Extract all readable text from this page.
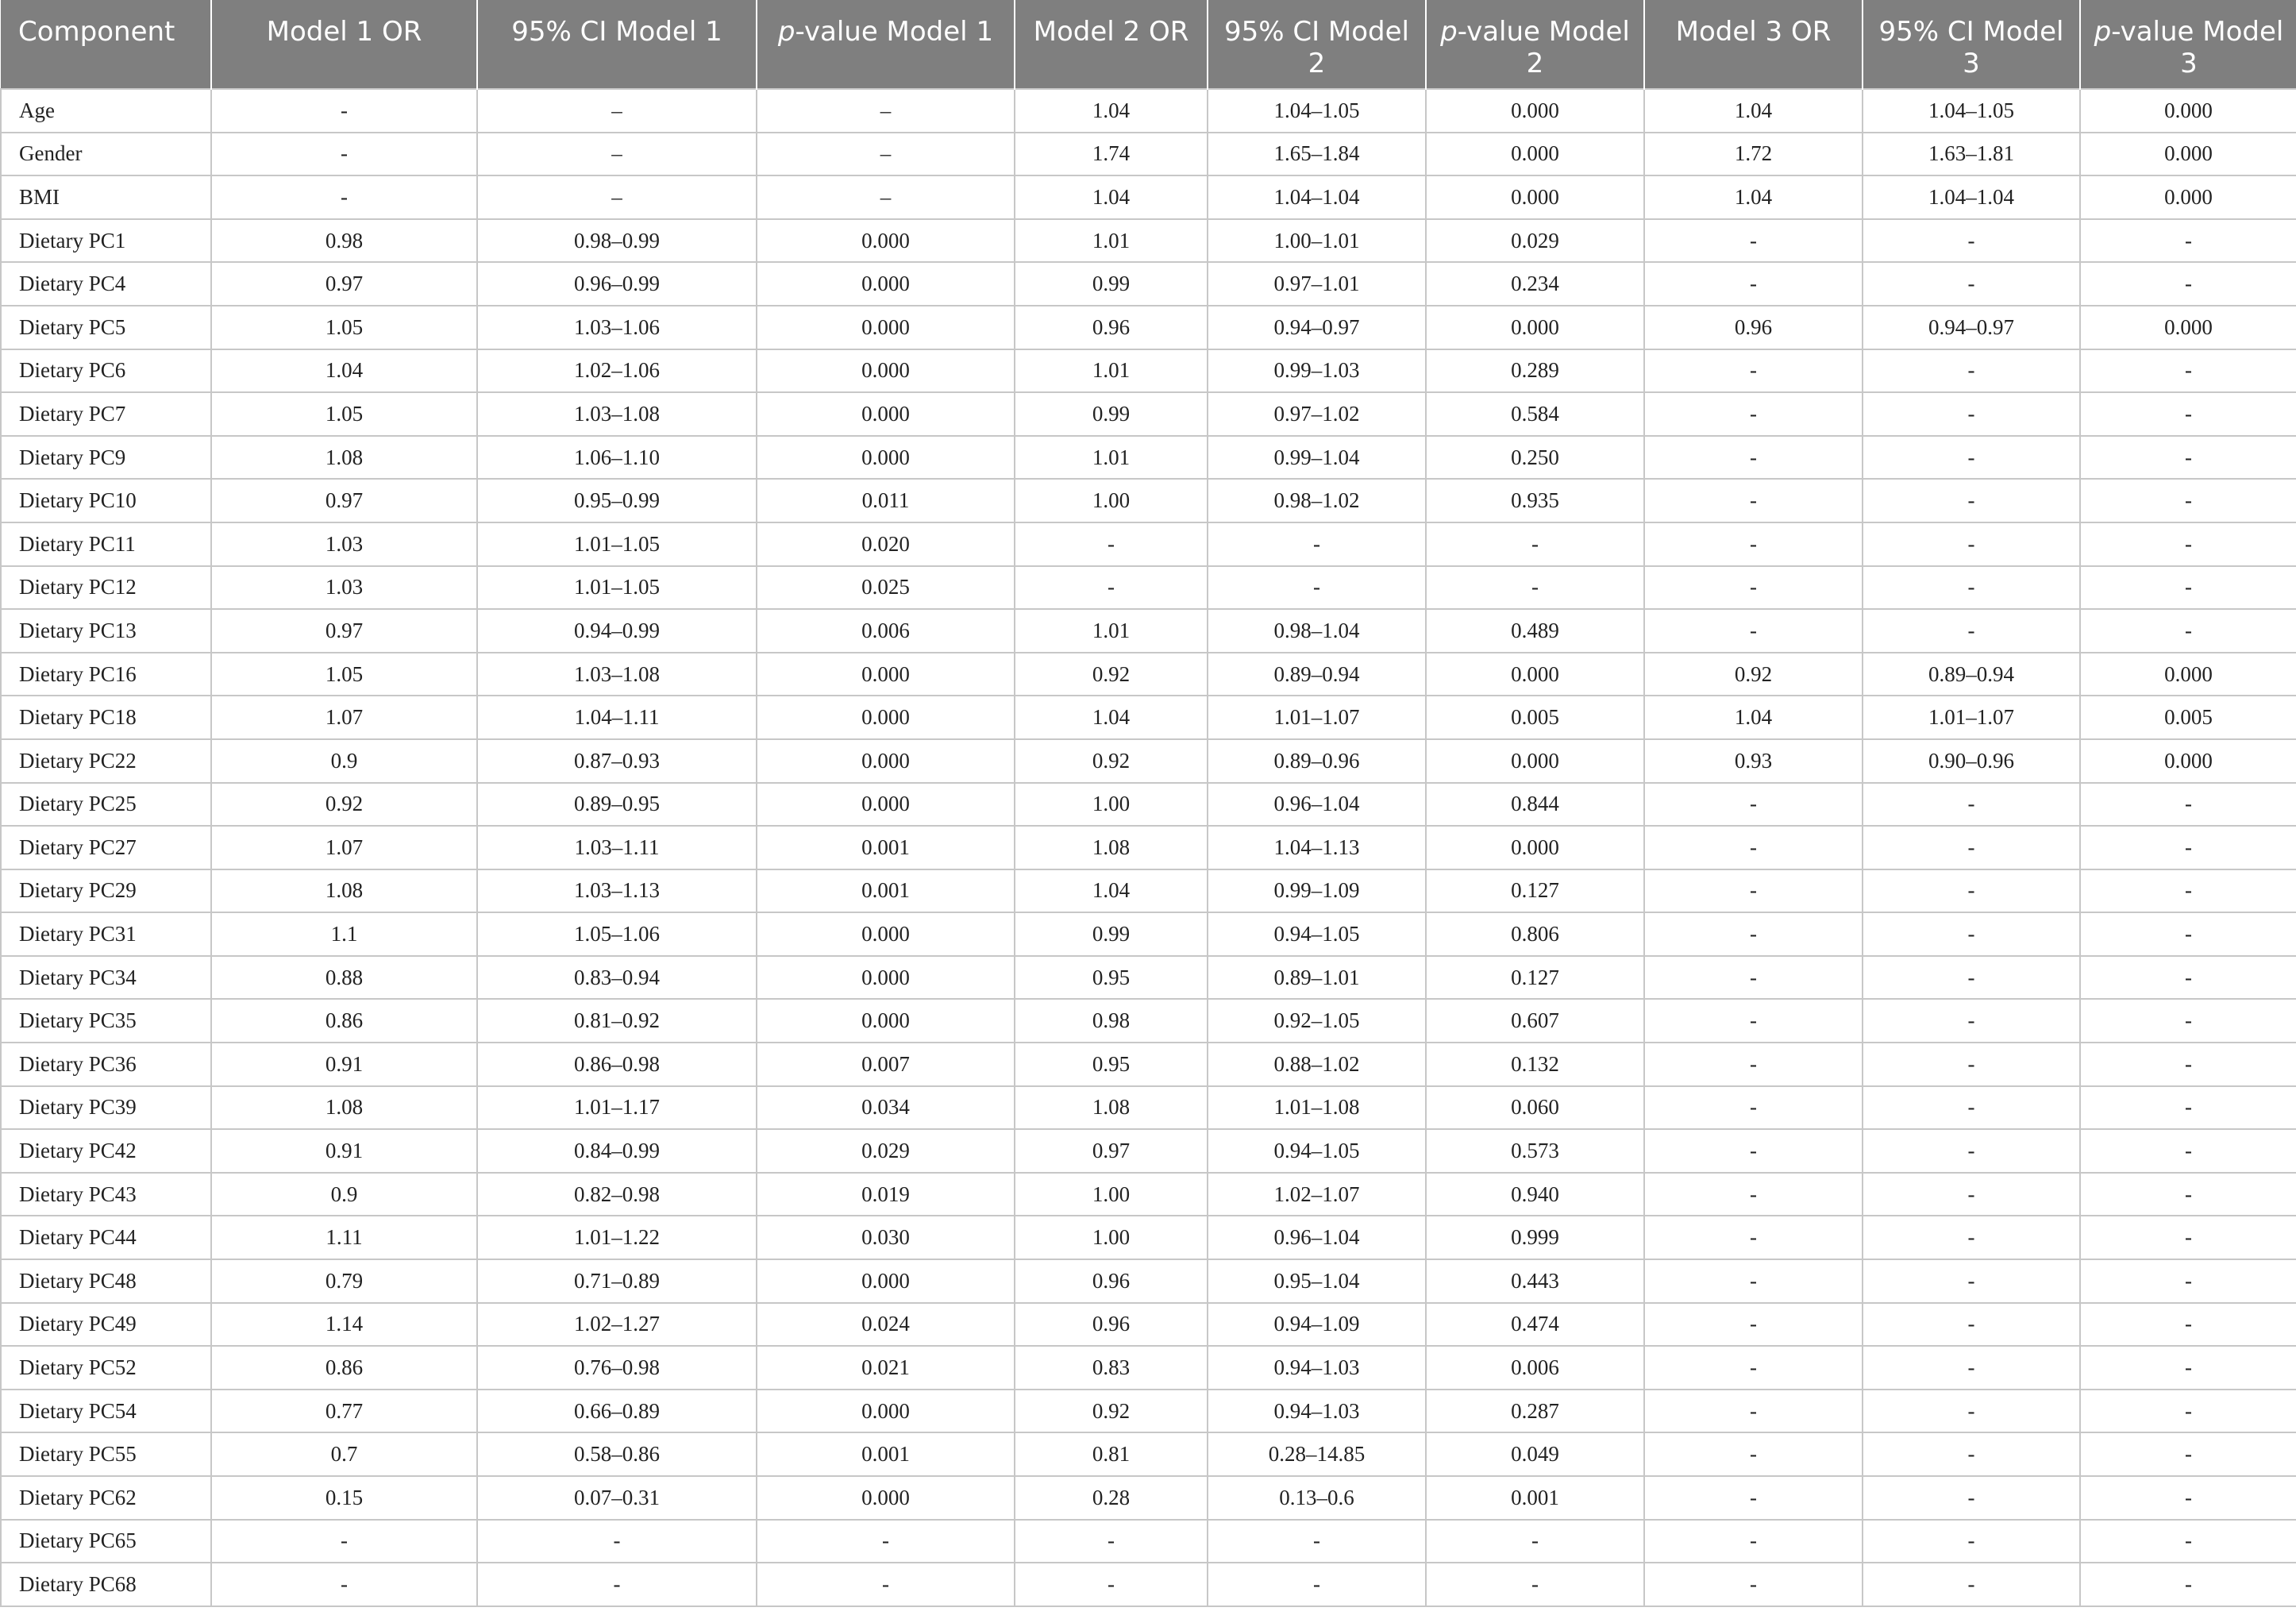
Component	Model 1 OR	95% CI Model 1	p-value Model 1	Model 2 OR	95% CI Model 2	p-value Model 2	Model 3 OR	95% CI Model 3	p-value Model 3
Age	-	–	–	1.04	1.04–1.05	0.000	1.04	1.04–1.05	0.000
Gender	-	–	–	1.74	1.65–1.84	0.000	1.72	1.63–1.81	0.000
BMI	-	–	–	1.04	1.04–1.04	0.000	1.04	1.04–1.04	0.000
Dietary PC1	0.98	0.98–0.99	0.000	1.01	1.00–1.01	0.029	-	-	-
Dietary PC4	0.97	0.96–0.99	0.000	0.99	0.97–1.01	0.234	-	-	-
Dietary PC5	1.05	1.03–1.06	0.000	0.96	0.94–0.97	0.000	0.96	0.94–0.97	0.000
Dietary PC6	1.04	1.02–1.06	0.000	1.01	0.99–1.03	0.289	-	-	-
Dietary PC7	1.05	1.03–1.08	0.000	0.99	0.97–1.02	0.584	-	-	-
Dietary PC9	1.08	1.06–1.10	0.000	1.01	0.99–1.04	0.250	-	-	-
Dietary PC10	0.97	0.95–0.99	0.011	1.00	0.98–1.02	0.935	-	-	-
Dietary PC11	1.03	1.01–1.05	0.020	-	-	-	-	-	-
Dietary PC12	1.03	1.01–1.05	0.025	-	-	-	-	-	-
Dietary PC13	0.97	0.94–0.99	0.006	1.01	0.98–1.04	0.489	-	-	-
Dietary PC16	1.05	1.03–1.08	0.000	0.92	0.89–0.94	0.000	0.92	0.89–0.94	0.000
Dietary PC18	1.07	1.04–1.11	0.000	1.04	1.01–1.07	0.005	1.04	1.01–1.07	0.005
Dietary PC22	0.9	0.87–0.93	0.000	0.92	0.89–0.96	0.000	0.93	0.90–0.96	0.000
Dietary PC25	0.92	0.89–0.95	0.000	1.00	0.96–1.04	0.844	-	-	-
Dietary PC27	1.07	1.03–1.11	0.001	1.08	1.04–1.13	0.000	-	-	-
Dietary PC29	1.08	1.03–1.13	0.001	1.04	0.99–1.09	0.127	-	-	-
Dietary PC31	1.1	1.05–1.06	0.000	0.99	0.94–1.05	0.806	-	-	-
Dietary PC34	0.88	0.83–0.94	0.000	0.95	0.89–1.01	0.127	-	-	-
Dietary PC35	0.86	0.81–0.92	0.000	0.98	0.92–1.05	0.607	-	-	-
Dietary PC36	0.91	0.86–0.98	0.007	0.95	0.88–1.02	0.132	-	-	-
Dietary PC39	1.08	1.01–1.17	0.034	1.08	1.01–1.08	0.060	-	-	-
Dietary PC42	0.91	0.84–0.99	0.029	0.97	0.94–1.05	0.573	-	-	-
Dietary PC43	0.9	0.82–0.98	0.019	1.00	1.02–1.07	0.940	-	-	-
Dietary PC44	1.11	1.01–1.22	0.030	1.00	0.96–1.04	0.999	-	-	-
Dietary PC48	0.79	0.71–0.89	0.000	0.96	0.95–1.04	0.443	-	-	-
Dietary PC49	1.14	1.02–1.27	0.024	0.96	0.94–1.09	0.474	-	-	-
Dietary PC52	0.86	0.76–0.98	0.021	0.83	0.94–1.03	0.006	-	-	-
Dietary PC54	0.77	0.66–0.89	0.000	0.92	0.94–1.03	0.287	-	-	-
Dietary PC55	0.7	0.58–0.86	0.001	0.81	0.28–14.85	0.049	-	-	-
Dietary PC62	0.15	0.07–0.31	0.000	0.28	0.13–0.6	0.001	-	-	-
Dietary PC65	-	-	-	-	-	-	-	-	-
Dietary PC68	-	-	-	-	-	-	-	-	-
